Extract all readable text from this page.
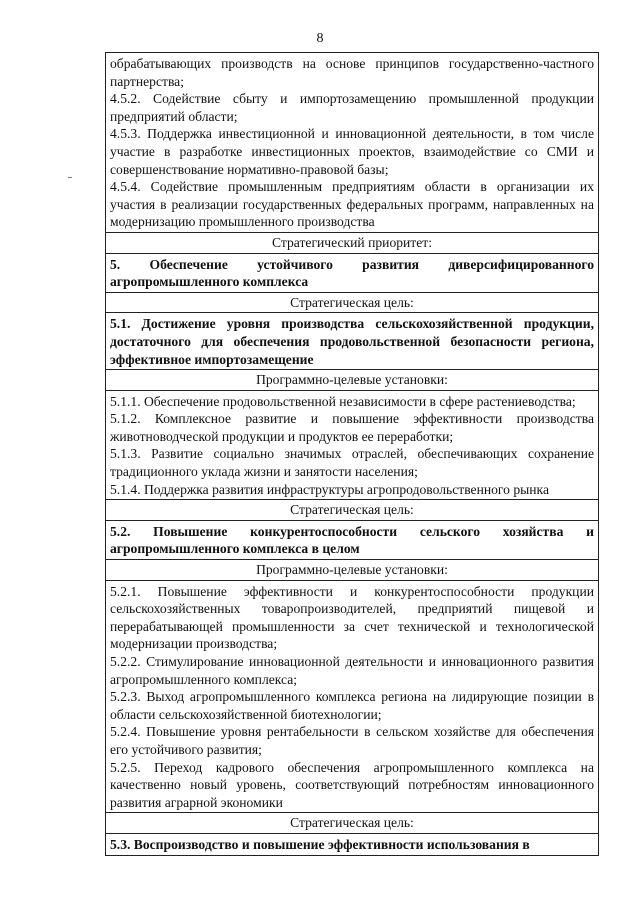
8
обрабатывающих производств на основе принципов государственно-частного партнерства;
4.5.2. Содействие сбыту и импортозамещению промышленной продукции предприятий области;
4.5.3. Поддержка инвестиционной и инновационной деятельности, в том числе участие в разработке инвестиционных проектов, взаимодействие со СМИ и совершенствование нормативно-правовой базы;
4.5.4. Содействие промышленным предприятиям области в организации их участия в реализации государственных федеральных программ, направленных на модернизацию промышленного производства
Стратегический приоритет:
5. Обеспечение устойчивого развития диверсифицированного агропромышленного комплекса
Стратегическая цель:
5.1. Достижение уровня производства сельскохозяйственной продукции, достаточного для обеспечения продовольственной безопасности региона, эффективное импортозамещение
Программно-целевые установки:
5.1.1. Обеспечение продовольственной независимости в сфере растениеводства;
5.1.2. Комплексное развитие и повышение эффективности производства животноводческой продукции и продуктов ее переработки;
5.1.3. Развитие социально значимых отраслей, обеспечивающих сохранение традиционного уклада жизни и занятости населения;
5.1.4. Поддержка развития инфраструктуры агропродовольственного рынка
Стратегическая цель:
5.2. Повышение конкурентоспособности сельского хозяйства и агропромышленного комплекса в целом
Программно-целевые установки:
5.2.1. Повышение эффективности и конкурентоспособности продукции сельскохозяйственных товаропроизводителей, предприятий пищевой и перерабатывающей промышленности за счет технической и технологической модернизации производства;
5.2.2. Стимулирование инновационной деятельности и инновационного развития агропромышленного комплекса;
5.2.3. Выход агропромышленного комплекса региона на лидирующие позиции в области сельскохозяйственной биотехнологии;
5.2.4. Повышение уровня рентабельности в сельском хозяйстве для обеспечения его устойчивого развития;
5.2.5. Переход кадрового обеспечения агропромышленного комплекса на качественно новый уровень, соответствующий потребностям инновационного развития аграрной экономики
Стратегическая цель:
5.3. Воспроизводство и повышение эффективности использования в
